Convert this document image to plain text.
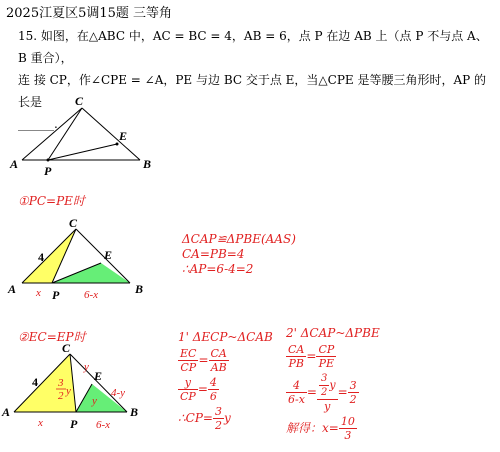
2025江夏区5调15题 三等角
15. 如图，在△ABC 中，AC = BC = 4，AB = 6，点 P 在边 AB 上（点 P 不与点 A、B 重合），
连 接 CP，作∠CPE = ∠A，PE 与边 BC 交于点 E，当△CPE 是等腰三角形时，AP 的长是
______.
C
A	B
P
E
①PC=PE时
C
A	P	B
E
4
x	6-x
ΔCAP≌ΔPBE(AAS)
CA=PB=4
∴AP=6-4=2
②EC=EP时
C
A
P
B
E
4
x	6-x
y
4-y
y
3
2 y
1' ΔECP~ΔCAB
$\frac{EC}{CP} = \frac{CA}{AB}$
$\frac{y}{CP} = \frac{4}{6}$
∴CP= $\frac{3}{2}$ y
2' ΔCAP~ΔPBE
$\frac{CA}{PB} = \frac{CP}{PE}$
$\frac{4}{6-x} = \frac{\frac{3}{2} y}{y} = \frac{3}{2}$
解得：$x= \frac{10}{3}$
